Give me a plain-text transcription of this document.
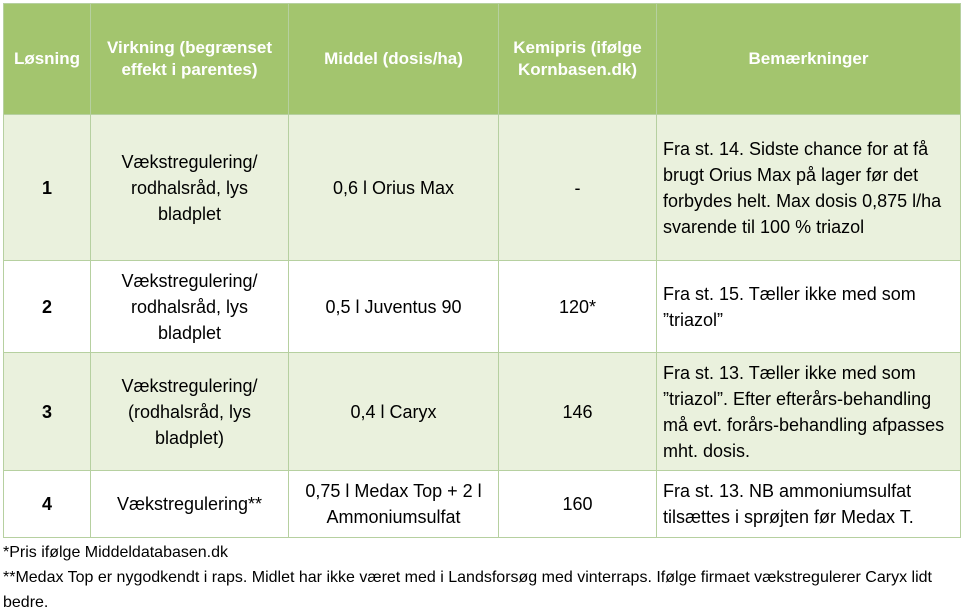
Løsning	Virkning (begrænset effekt i parentes)	Middel (dosis/ha)	Kemipris (ifølge Kornbasen.dk)	Bemærkninger
1	Vækstregulering/ rodhalsråd, lys bladplet	0,6 l Orius Max	-	Fra st. 14. Sidste chance for at få brugt Orius Max på lager før det forbydes helt. Max dosis 0,875 l/ha svarende til 100 % triazol
2	Vækstregulering/ rodhalsråd, lys bladplet	0,5 l Juventus 90	120*	Fra st. 15. Tæller ikke med som ”triazol”
3	Vækstregulering/ (rodhalsråd, lys bladplet)	0,4 l Caryx	146	Fra st. 13. Tæller ikke med som ”triazol”. Efter efterårs-behandling må evt. forårs-behandling afpasses mht. dosis.
4	Vækstregulering**	0,75 l Medax Top + 2 l Ammoniumsulfat	160	Fra st. 13. NB ammoniumsulfat tilsættes i sprøjten før Medax T.

*Pris ifølge Middeldatabasen.dk

**Medax Top er nygodkendt i raps. Midlet har ikke været med i Landsforsøg med vinterraps. Ifølge firmaet vækstregulerer Caryx lidt bedre.
